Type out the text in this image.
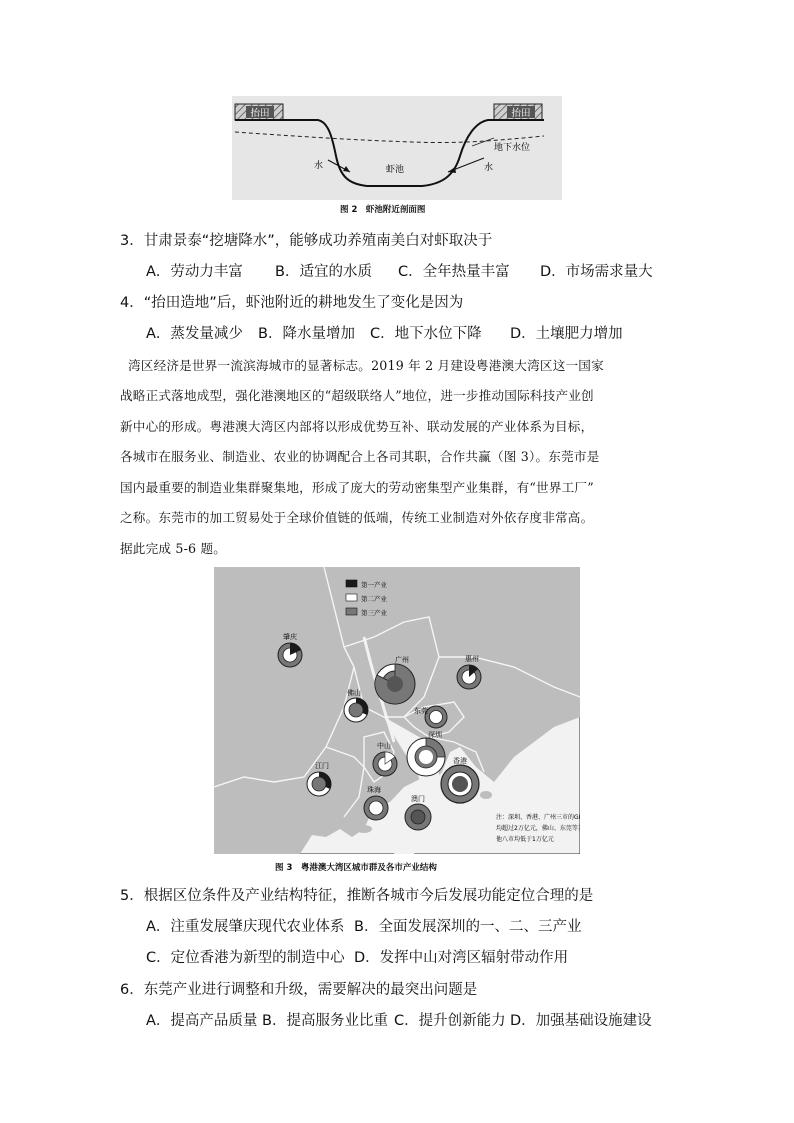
抬田	抬田
水	虾池	水
地下水位
图 2　虾池附近剖面图
3．甘肃景泰“挖塘降水”，能够成功养殖南美白对虾取决于
A．劳动力丰富 B．适宜的水质 C．全年热量丰富 D．市场需求量大
4．“抬田造地”后，虾池附近的耕地发生了变化是因为
A．蒸发量减少 B．降水量增加 C．地下水位下降 D．土壤肥力增加
湾区经济是世界一流滨海城市的显著标志。2019 年 2 月建设粤港澳大湾区这一国家
战略正式落地成型，强化港澳地区的“超级联络人”地位，进一步推动国际科技产业创
新中心的形成。粤港澳大湾区内部将以形成优势互补、联动发展的产业体系为目标，
各城市在服务业、制造业、农业的协调配合上各司其职，合作共赢（图 3）。东莞市是
国内最重要的制造业集群聚集地，形成了庞大的劳动密集型产业集群，有“世界工厂”
之称。东莞市的加工贸易处于全球价值链的低端，传统工业制造对外依存度非常高。
据此完成 5-6 题。
第一产业
第二产业
第三产业
肇庆
广州	惠州
佛山
东莞
深圳
中山
江门
香港
珠海
澳门
注：深圳、香港、广州三市的GDP
均超过2万亿元，佛山、东莞等其
他八市均低于1万亿元
图 3　粤港澳大湾区城市群及各市产业结构
5．根据区位条件及产业结构特征，推断各城市今后发展功能定位合理的是
A．注重发展肇庆现代农业体系 B．全面发展深圳的一、二、三产业
C．定位香港为新型的制造中心 D．发挥中山对湾区辐射带动作用
6．东莞产业进行调整和升级，需要解决的最突出问题是
A．提高产品质量 B．提高服务业比重 C．提升创新能力 D．加强基础设施建设
